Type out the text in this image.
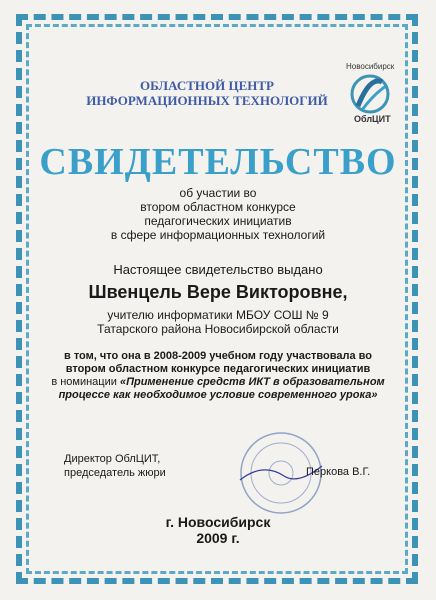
ОБЛАСТНОЙ ЦЕНТР
ИНФОРМАЦИОННЫХ ТЕХНОЛОГИЙ
Новосибирск
ОблЦИТ
СВИДЕТЕЛЬСТВО
об участии во
втором областном конкурсе
педагогических инициатив
в сфере информационных технологий
Настоящее свидетельство выдано
Швенцель Вере Викторовне,
учителю информатики МБОУ СОШ № 9
Татарского района Новосибирской области
в том, что она в 2008-2009 учебном году участвовала во
втором областном конкурсе педагогических инициатив
в номинации «Применение средств ИКТ в образовательном процессе как необходимое условие современного урока»
Директор ОблЦИТ,
председатель жюри	Перкова В.Г.
г. Новосибирск
2009 г.
